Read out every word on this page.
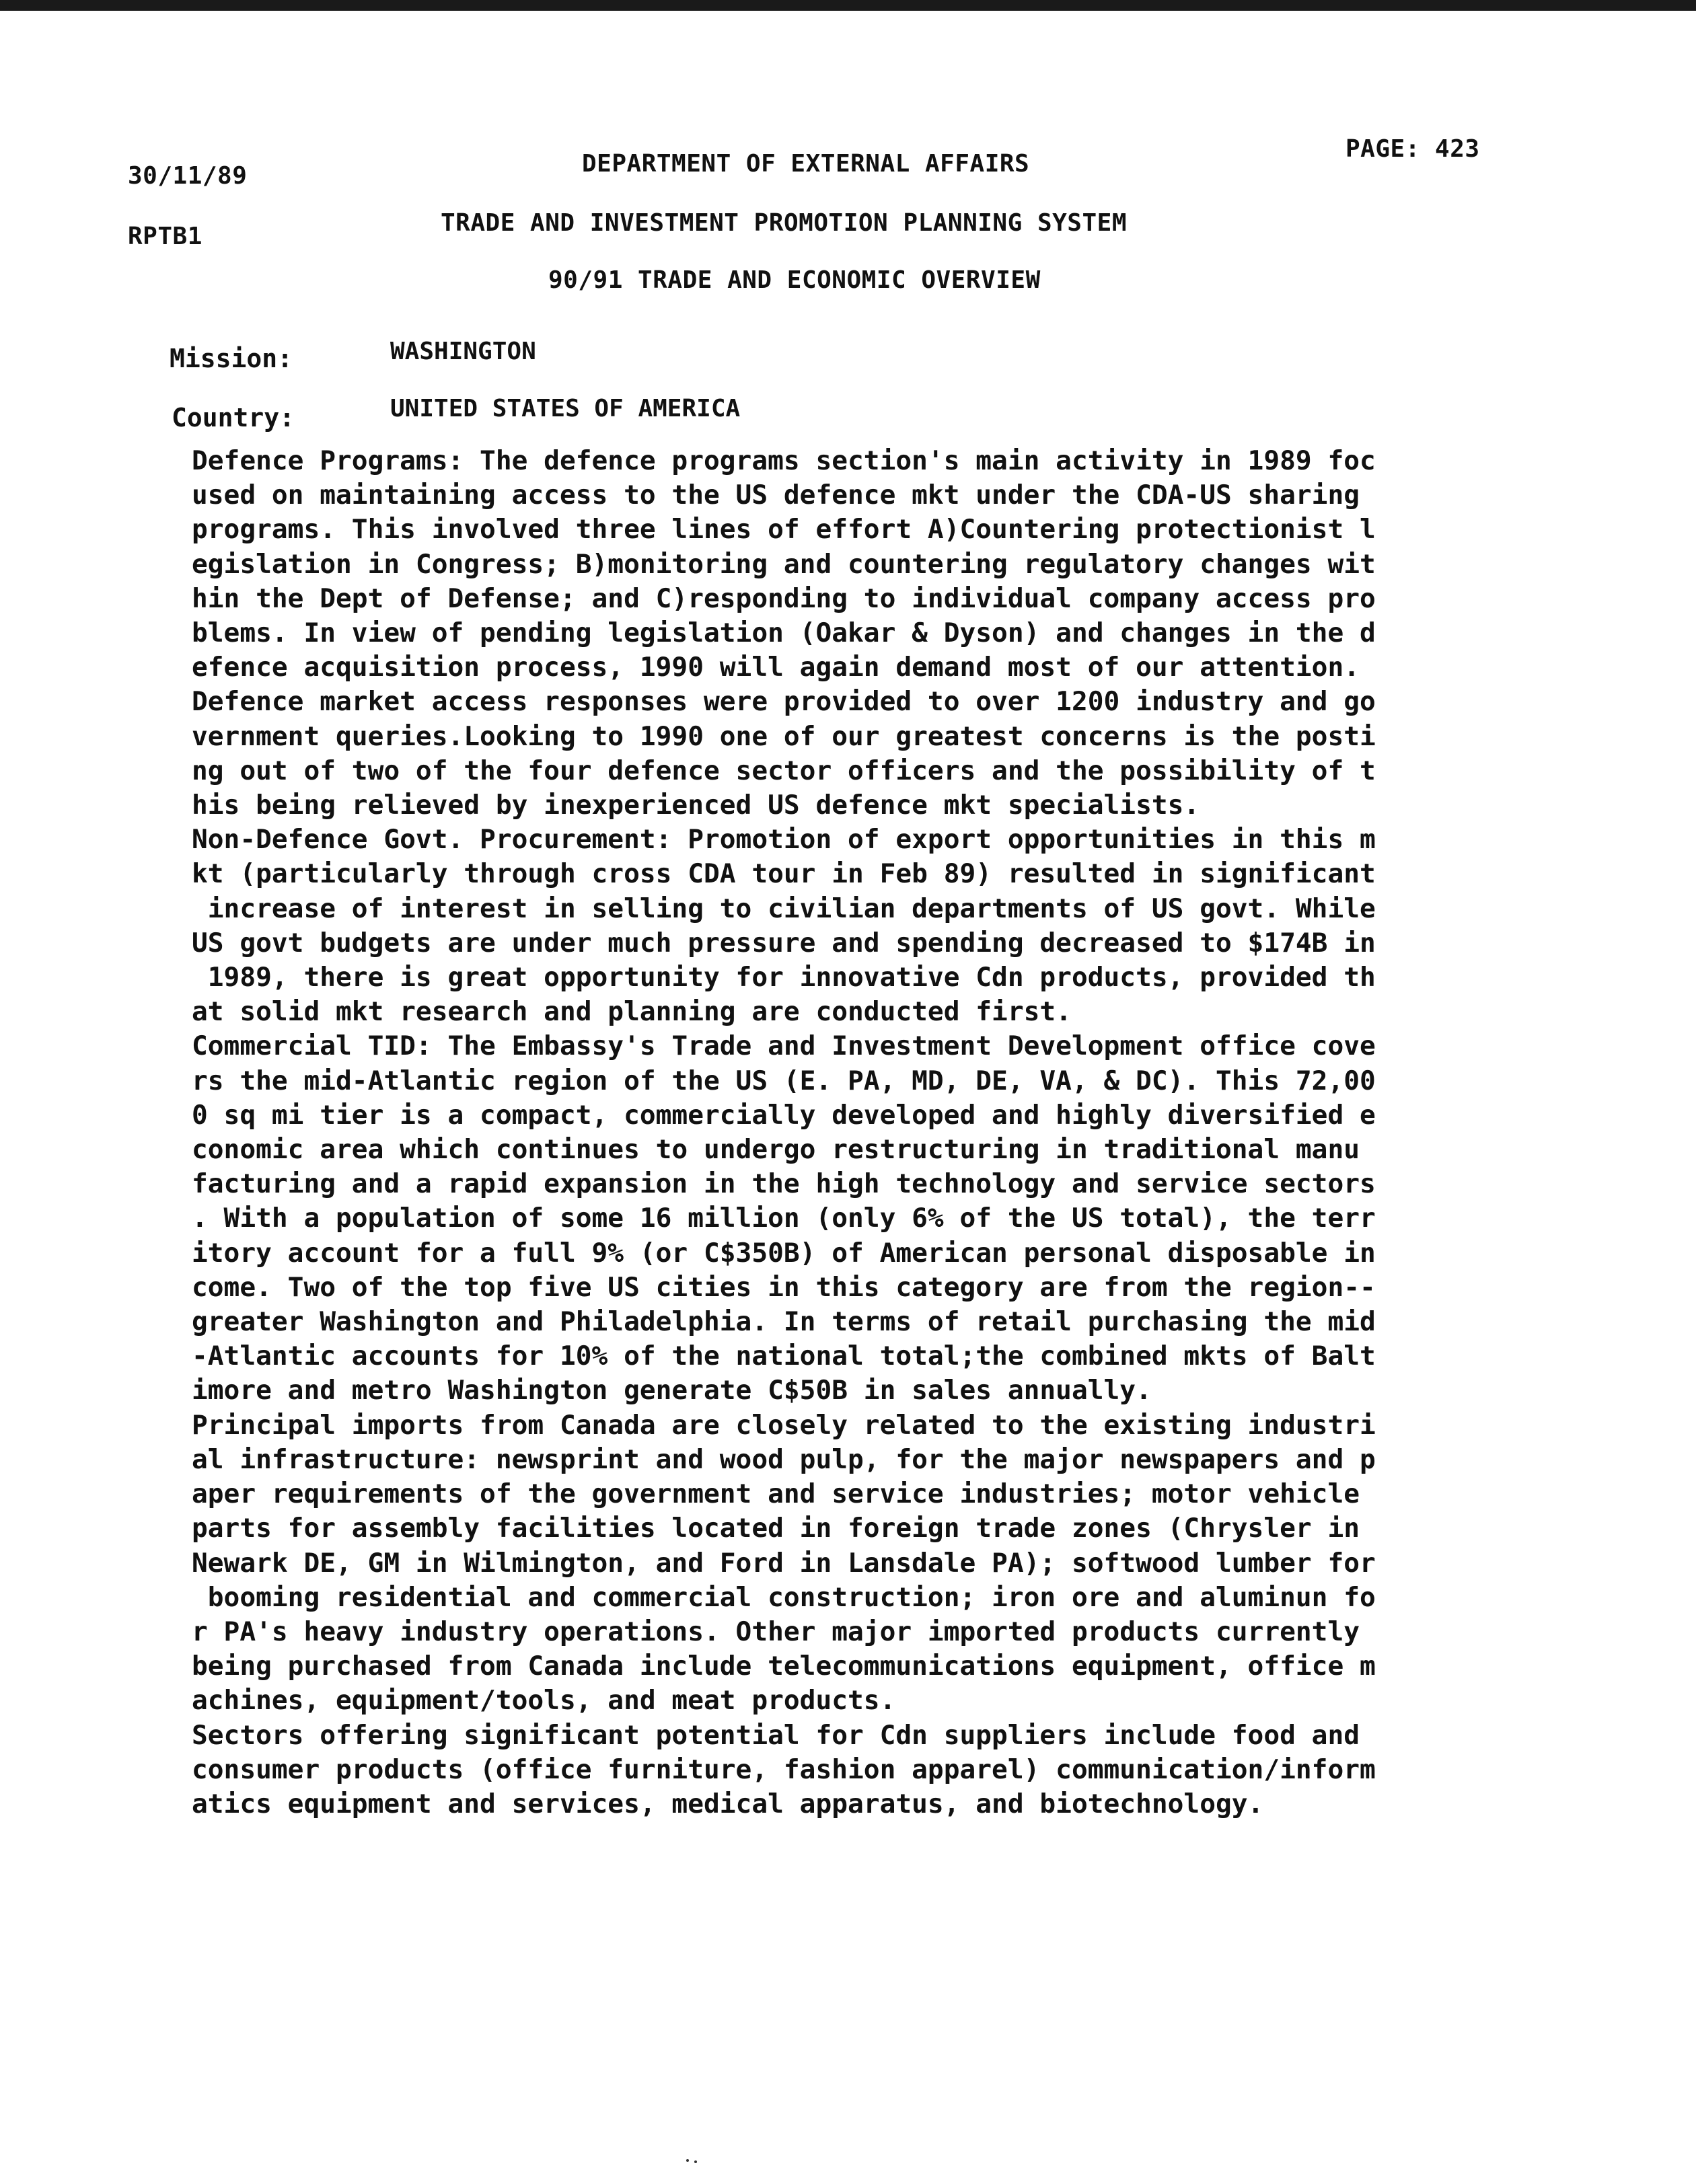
30/11/89
RPTB1
DEPARTMENT OF EXTERNAL AFFAIRS
PAGE: 423
TRADE AND INVESTMENT PROMOTION PLANNING SYSTEM
90/91 TRADE AND ECONOMIC OVERVIEW
Mission:	WASHINGTON
Country:	UNITED STATES OF AMERICA
Defence Programs: The defence programs section's main activity in 1989 foc
used on maintaining access to the US defence mkt under the CDA-US sharing
programs. This involved three lines of effort A)Countering protectionist l
egislation in Congress; B)monitoring and countering regulatory changes wit
hin the Dept of Defense; and C)responding to individual company access pro
blems. In view of pending legislation (Oakar & Dyson) and changes in the d
efence acquisition process, 1990 will again demand most of our attention.
Defence market access responses were provided to over 1200 industry and go
vernment queries.Looking to 1990 one of our greatest concerns is the posti
ng out of two of the four defence sector officers and the possibility of t
his being relieved by inexperienced US defence mkt specialists.
Non-Defence Govt. Procurement: Promotion of export opportunities in this m
kt (particularly through cross CDA tour in Feb 89) resulted in significant
increase of interest in selling to civilian departments of US govt. While
US govt budgets are under much pressure and spending decreased to $174B in
1989, there is great opportunity for innovative Cdn products, provided th
at solid mkt research and planning are conducted first.
Commercial TID: The Embassy's Trade and Investment Development office cove
rs the mid-Atlantic region of the US (E. PA, MD, DE, VA, & DC). This 72,00
0 sq mi tier is a compact, commercially developed and highly diversified e
conomic area which continues to undergo restructuring in traditional manu
facturing and a rapid expansion in the high technology and service sectors
. With a population of some 16 million (only 6% of the US total), the terr
itory account for a full 9% (or C$350B) of American personal disposable in
come. Two of the top five US cities in this category are from the region--
greater Washington and Philadelphia. In terms of retail purchasing the mid
-Atlantic accounts for 10% of the national total;the combined mkts of Balt
imore and metro Washington generate C$50B in sales annually.
Principal imports from Canada are closely related to the existing industri
al infrastructure: newsprint and wood pulp, for the major newspapers and p
aper requirements of the government and service industries; motor vehicle
parts for assembly facilities located in foreign trade zones (Chrysler in
Newark DE, GM in Wilmington, and Ford in Lansdale PA); softwood lumber for
booming residential and commercial construction; iron ore and aluminun fo
r PA's heavy industry operations. Other major imported products currently
being purchased from Canada include telecommunications equipment, office m
achines, equipment/tools, and meat products.
Sectors offering significant potential for Cdn suppliers include food and
consumer products (office furniture, fashion apparel) communication/inform
atics equipment and services, medical apparatus, and biotechnology.
